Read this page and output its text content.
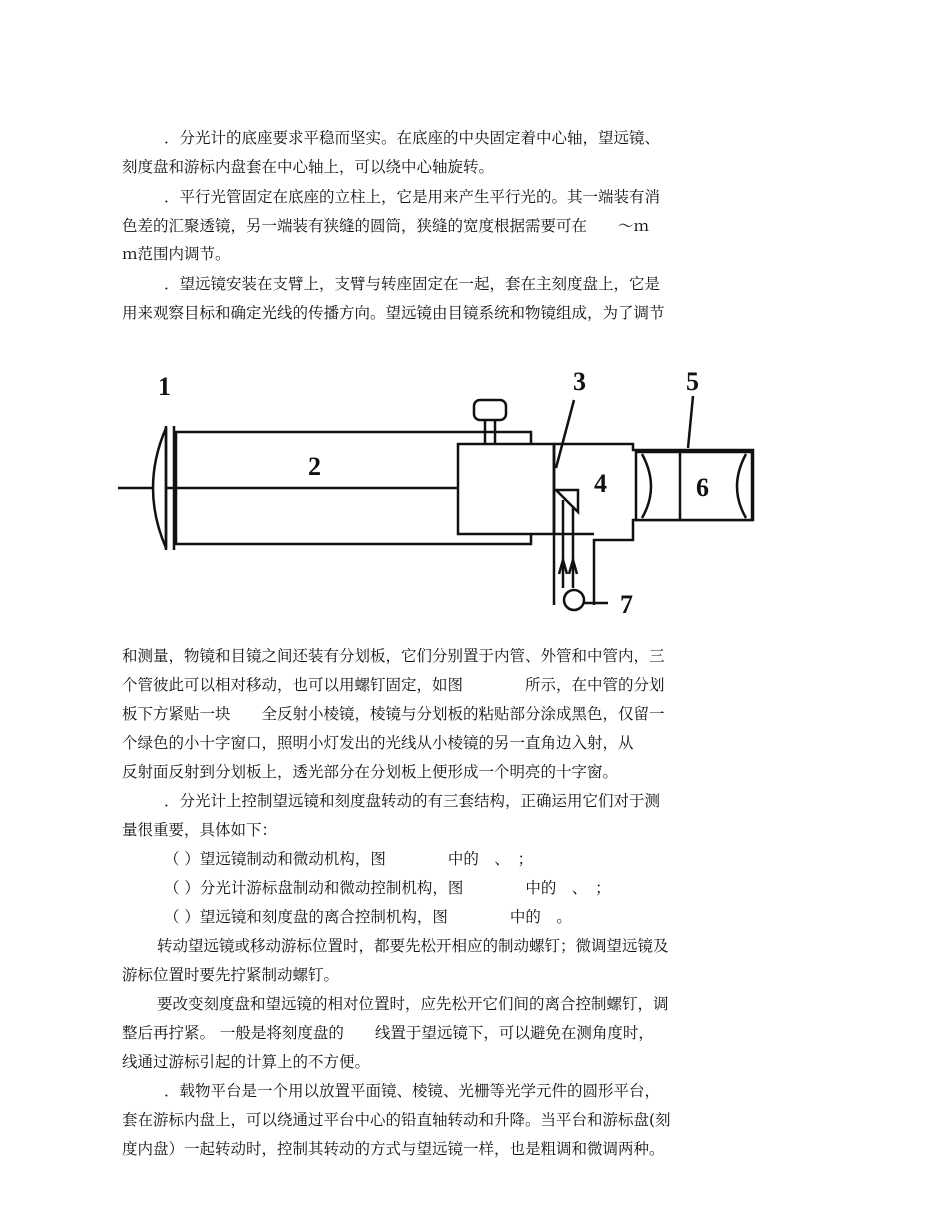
．分光计的底座要求平稳而坚实。在底座的中央固定着中心轴，望远镜、
刻度盘和游标内盘套在中心轴上，可以绕中心轴旋转。
．平行光管固定在底座的立柱上，它是用来产生平行光的。其一端装有消
色差的汇聚透镜，另一端装有狭缝的圆筒，狭缝的宽度根据需要可在　　～ｍ
ｍ范围内调节。
．望远镜安装在支臂上，支臂与转座固定在一起，套在主刻度盘上，它是
用来观察目标和确定光线的传播方向。望远镜由目镜系统和物镜组成，为了调节
1
2
3
4
5
6
7
和测量，物镜和目镜之间还装有分划板，它们分别置于内管、外管和中管内，三
个管彼此可以相对移动，也可以用螺钉固定，如图　　　　所示，在中管的分划
板下方紧贴一块　　全反射小棱镜，棱镜与分划板的粘贴部分涂成黑色，仅留一
个绿色的小十字窗口，照明小灯发出的光线从小棱镜的另一直角边入射，从
反射面反射到分划板上，透光部分在分划板上便形成一个明亮的十字窗。
．分光计上控制望远镜和刻度盘转动的有三套结构，正确运用它们对于测
量很重要，具体如下：
（ ）望远镜制动和微动机构，图　　　　中的　、　；
（ ）分光计游标盘制动和微动控制机构，图　　　　中的　、　；
（ ）望远镜和刻度盘的离合控制机构，图　　　　中的　。
转动望远镜或移动游标位置时，都要先松开相应的制动螺钉；微调望远镜及
游标位置时要先拧紧制动螺钉。
要改变刻度盘和望远镜的相对位置时，应先松开它们间的离合控制螺钉，调
整后再拧紧。 一般是将刻度盘的　　线置于望远镜下，可以避免在测角度时，
线通过游标引起的计算上的不方便。
．载物平台是一个用以放置平面镜、棱镜、光栅等光学元件的圆形平台，
套在游标内盘上，可以绕通过平台中心的铅直轴转动和升降。当平台和游标盘(刻
度内盘）一起转动时，控制其转动的方式与望远镜一样，也是粗调和微调两种。
